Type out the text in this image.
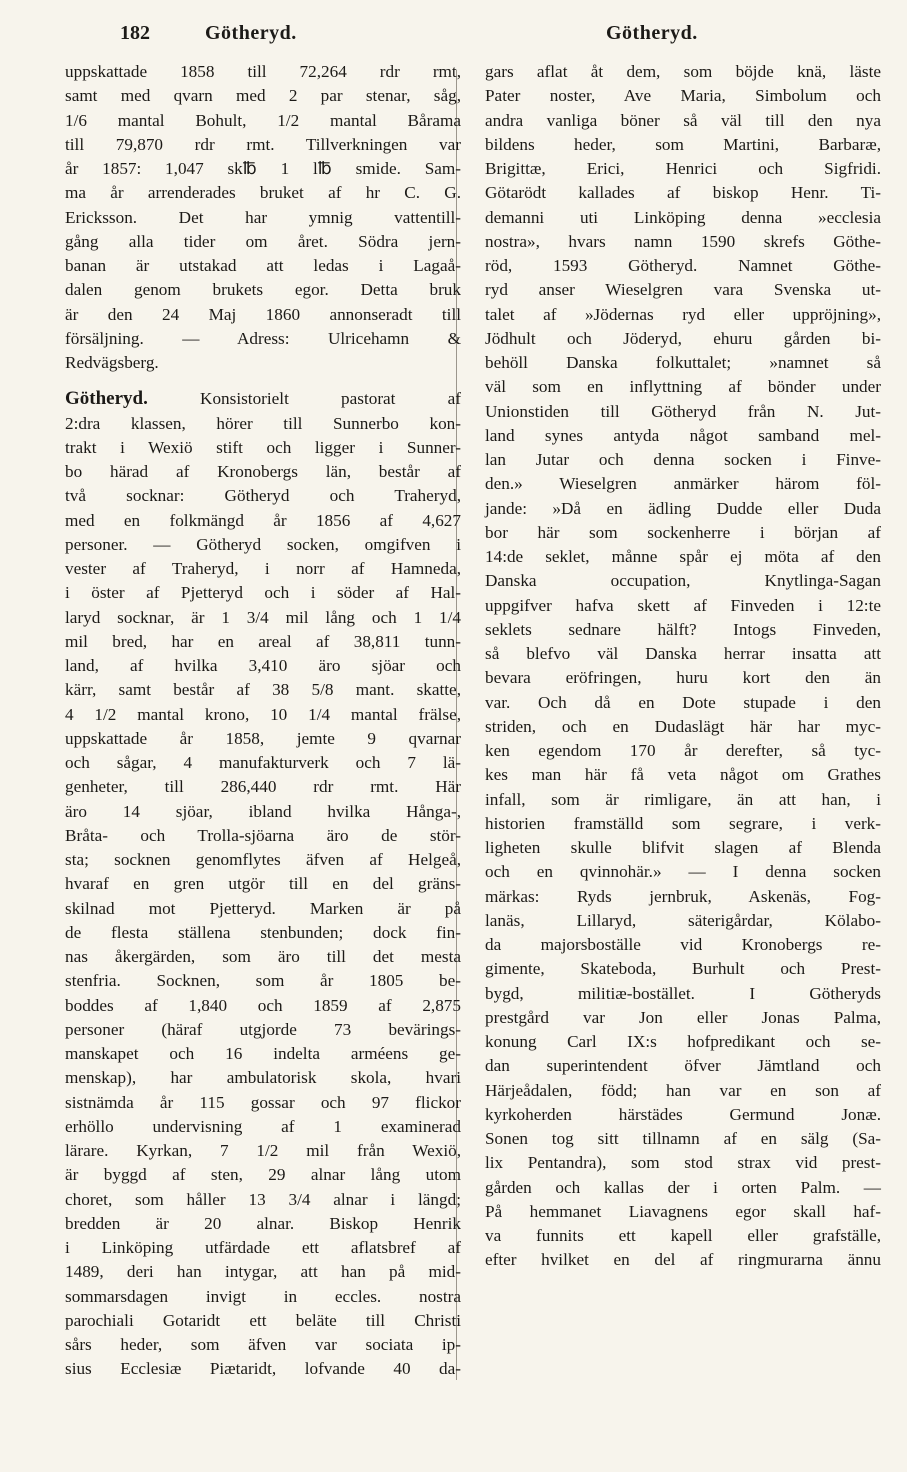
182	Götheryd.	Götheryd.

uppskattade 1858 till 72,264 rdr rmt,
samt med qvarn med 2 par stenar, såg,
1/6 mantal Bohult, 1/2 mantal Bårama
till 79,870 rdr rmt. Tillverkningen var
år 1857: 1,047 sk℔ 1 l℔ smide. Sam-
ma år arrenderades bruket af hr C. G.
Ericksson. Det har ymnig vattentill-
gång alla tider om året. Södra jern-
banan är utstakad att ledas i Lagaå-
dalen genom brukets egor. Detta bruk
är den 24 Maj 1860 annonseradt till
försäljning. — Adress: Ulricehamn &
Redvägsberg.

Götheryd. Konsistorielt pastorat af
2:dra klassen, hörer till Sunnerbo kon-
trakt i Wexiö stift och ligger i Sunner-
bo härad af Kronobergs län, består af
två socknar: Götheryd och Traheryd,
med en folkmängd år 1856 af 4,627
personer. — Götheryd socken, omgifven i
vester af Traheryd, i norr af Hamneda,
i öster af Pjetteryd och i söder af Hal-
laryd socknar, är 1 3/4 mil lång och 1 1/4
mil bred, har en areal af 38,811 tunn-
land, af hvilka 3,410 äro sjöar och
kärr, samt består af 38 5/8 mant. skatte,
4 1/2 mantal krono, 10 1/4 mantal frälse,
uppskattade år 1858, jemte 9 qvarnar
och sågar, 4 manufakturverk och 7 lä-
genheter, till 286,440 rdr rmt. Här
äro 14 sjöar, ibland hvilka Hånga-,
Bråta- och Trolla-sjöarna äro de stör-
sta; socknen genomflytes äfven af Helgeå,
hvaraf en gren utgör till en del gräns-
skilnad mot Pjetteryd. Marken är på
de flesta ställena stenbunden; dock fin-
nas åkergärden, som äro till det mesta
stenfria. Socknen, som år 1805 be-
boddes af 1,840 och 1859 af 2,875
personer (häraf utgjorde 73 bevärings-
manskapet och 16 indelta arméens ge-
menskap), har ambulatorisk skola, hvari
sistnämda år 115 gossar och 97 flickor
erhöllo undervisning af 1 examinerad
lärare. Kyrkan, 7 1/2 mil från Wexiö,
är byggd af sten, 29 alnar lång utom
choret, som håller 13 3/4 alnar i längd;
bredden är 20 alnar. Biskop Henrik
i Linköping utfärdade ett aflatsbref af
1489, deri han intygar, att han på mid-
sommarsdagen invigt in eccles. nostra
parochiali Gotaridt ett beläte till Christi
sårs heder, som äfven var sociata ip-
sius Ecclesiæ Piætaridt, lofvande 40 da-

gars aflat åt dem, som böjde knä, läste
Pater noster, Ave Maria, Simbolum och
andra vanliga böner så väl till den nya
bildens heder, som Martini, Barbaræ,
Brigittæ, Erici, Henrici och Sigfridi.
Götarödt kallades af biskop Henr. Ti-
demanni uti Linköping denna »ecclesia
nostra», hvars namn 1590 skrefs Göthe-
röd, 1593 Götheryd. Namnet Göthe-
ryd anser Wieselgren vara Svenska ut-
talet af »Jödernas ryd eller uppröjning»,
Jödhult och Jöderyd, ehuru gården bi-
behöll Danska folkuttalet; »namnet så
väl som en inflyttning af bönder under
Unionstiden till Götheryd från N. Jut-
land synes antyda något samband mel-
lan Jutar och denna socken i Finve-
den.» Wieselgren anmärker härom föl-
jande: »Då en ädling Dudde eller Duda
bor här som sockenherre i början af
14:de seklet, månne spår ej möta af den
Danska occupation, Knytlinga-Sagan
uppgifver hafva skett af Finveden i 12:te
seklets sednare hälft? Intogs Finveden,
så blefvo väl Danska herrar insatta att
bevara eröfringen, huru kort den än
var. Och då en Dote stupade i den
striden, och en Dudaslägt här har myc-
ken egendom 170 år derefter, så tyc-
kes man här få veta något om Grathes
infall, som är rimligare, än att han, i
historien framställd som segrare, i verk-
ligheten skulle blifvit slagen af Blenda
och en qvinnohär.» — I denna socken
märkas: Ryds jernbruk, Askenäs, Fog-
lanäs, Lillaryd, säterigårdar, Kölabo-
da majorsboställe vid Kronobergs re-
gimente, Skateboda, Burhult och Prest-
bygd, militiæ-bostället. I Götheryds
prestgård var Jon eller Jonas Palma,
konung Carl IX:s hofpredikant och se-
dan superintendent öfver Jämtland och
Härjeådalen, född; han var en son af
kyrkoherden härstädes Germund Jonæ.
Sonen tog sitt tillnamn af en sälg (Sa-
lix Pentandra), som stod strax vid prest-
gården och kallas der i orten Palm. —
På hemmanet Liavagnens egor skall haf-
va funnits ett kapell eller grafställe,
efter hvilket en del af ringmurarna ännu
